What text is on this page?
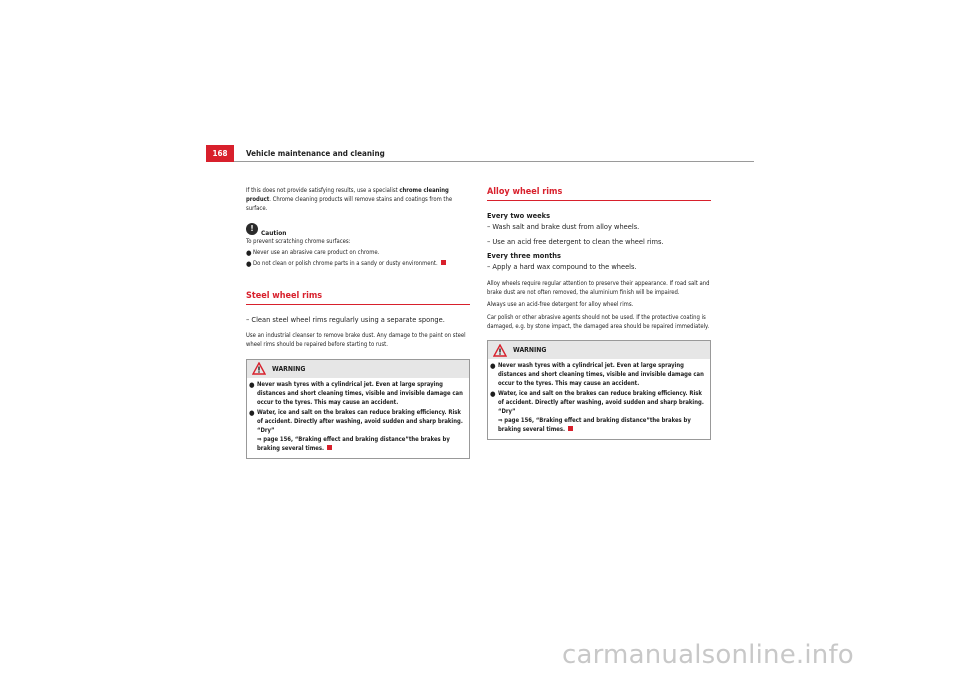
168	Vehicle maintenance and cleaning

If this does not provide satisfying results, use a specialist chrome cleaning product. Chrome cleaning products will remove stains and coatings from the surface.

!	Caution

To prevent scratching chrome surfaces:

● Never use an abrasive care product on chrome.
● Do not clean or polish chrome parts in a sandy or dusty environment.
Steel wheel rims

– Clean steel wheel rims regularly using a separate sponge.

Use an industrial cleanser to remove brake dust. Any damage to the paint on steel wheel rims should be repaired before starting to rust.

WARNING
● Never wash tyres with a cylindrical jet. Even at large spraying distances and short cleaning times, visible and invisible damage can occur to the tyres. This may cause an accident.
● Water, ice and salt on the brakes can reduce braking efficiency. Risk of accident. Directly after washing, avoid sudden and sharp braking. “Dry”
⇒ page 156, “Braking effect and braking distance”the brakes by braking several times.
Alloy wheel rims

Every two weeks

– Wash salt and brake dust from alloy wheels.

– Use an acid free detergent to clean the wheel rims.

Every three months

– Apply a hard wax compound to the wheels.

Alloy wheels require regular attention to preserve their appearance. If road salt and brake dust are not often removed, the aluminium finish will be impaired.

Always use an acid-free detergent for alloy wheel rims.

Car polish or other abrasive agents should not be used. If the protective coating is damaged, e.g. by stone impact, the damaged area should be repaired immediately.

WARNING
● Never wash tyres with a cylindrical jet. Even at large spraying distances and short cleaning times, visible and invisible damage can occur to the tyres. This may cause an accident.
● Water, ice and salt on the brakes can reduce braking efficiency. Risk of accident. Directly after washing, avoid sudden and sharp braking. “Dry”
⇒ page 156, “Braking effect and braking distance”the brakes by braking several times.
carmanualsonline.info
